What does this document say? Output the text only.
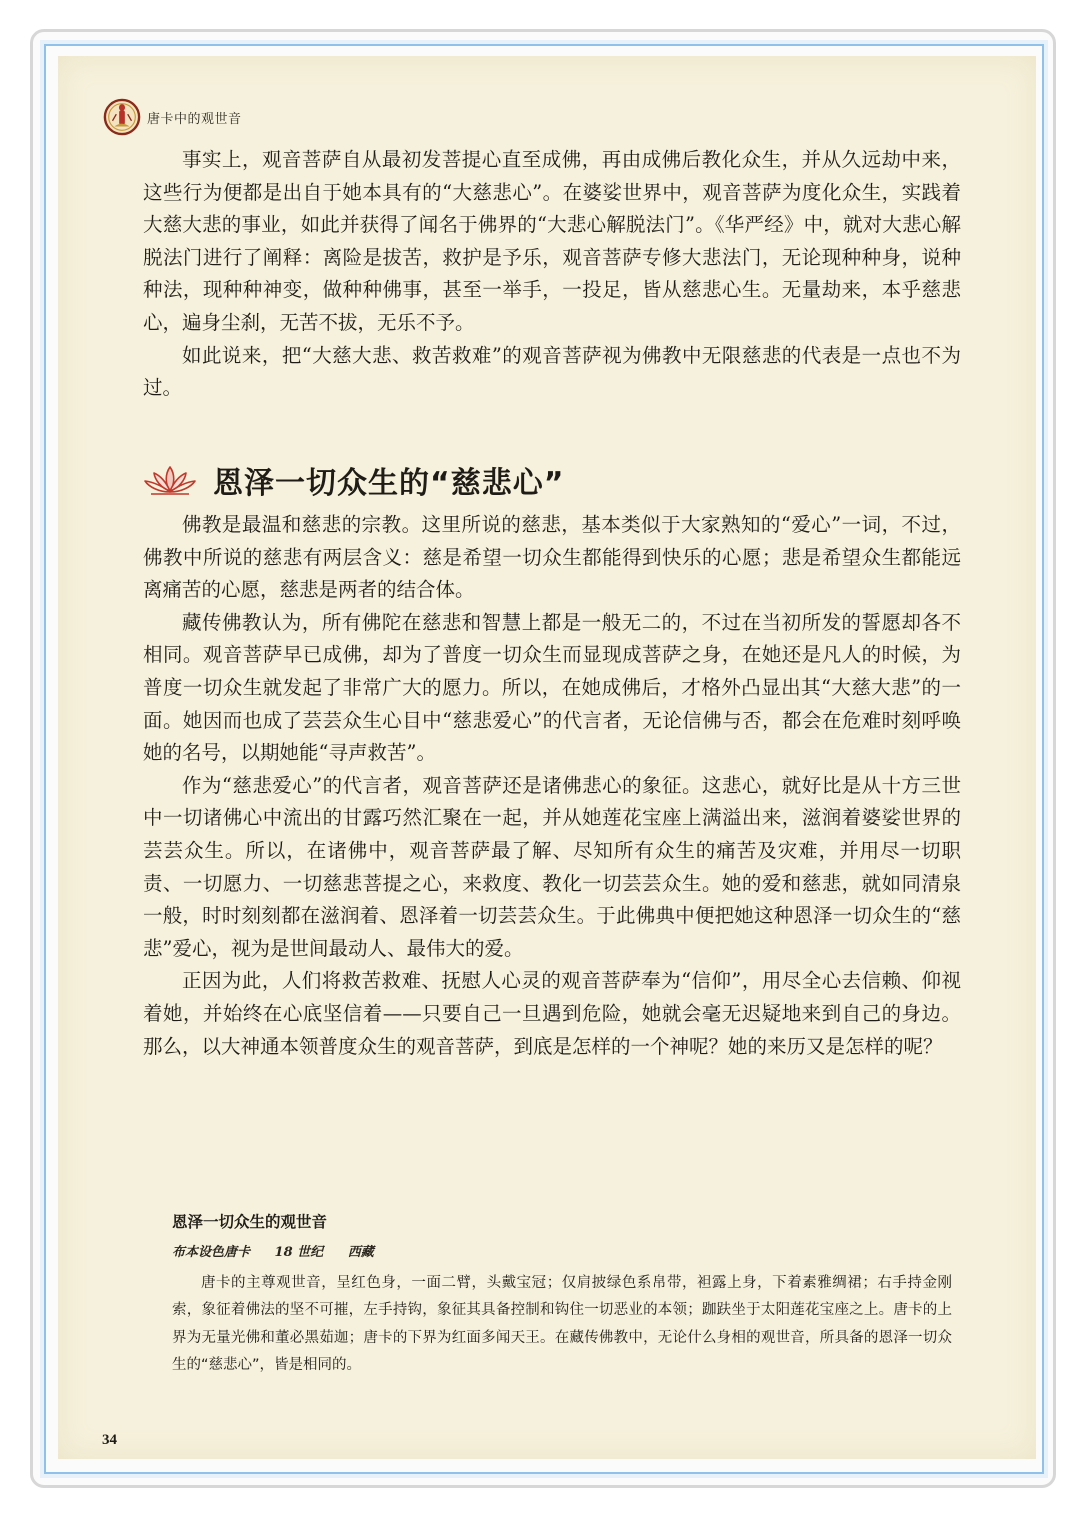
唐卡中的观世音

事实上，观音菩萨自从最初发菩提心直至成佛，再由成佛后教化众生，并从久远劫中来，这些行为便都是出自于她本具有的“大慈悲心”。在婆娑世界中，观音菩萨为度化众生，实践着大慈大悲的事业，如此并获得了闻名于佛界的“大悲心解脱法门”。《华严经》中，就对大悲心解脱法门进行了阐释：离险是拔苦，救护是予乐，观音菩萨专修大悲法门，无论现种种身，说种种法，现种种神变，做种种佛事，甚至一举手，一投足，皆从慈悲心生。无量劫来，本乎慈悲心，遍身尘刹，无苦不拔，无乐不予。

如此说来，把“大慈大悲、救苦救难”的观音菩萨视为佛教中无限慈悲的代表是一点也不为过。

恩泽一切众生的“慈悲心”

佛教是最温和慈悲的宗教。这里所说的慈悲，基本类似于大家熟知的“爱心”一词，不过，佛教中所说的慈悲有两层含义：慈是希望一切众生都能得到快乐的心愿；悲是希望众生都能远离痛苦的心愿，慈悲是两者的结合体。

藏传佛教认为，所有佛陀在慈悲和智慧上都是一般无二的，不过在当初所发的誓愿却各不相同。观音菩萨早已成佛，却为了普度一切众生而显现成菩萨之身，在她还是凡人的时候，为普度一切众生就发起了非常广大的愿力。所以，在她成佛后，才格外凸显出其“大慈大悲”的一面。她因而也成了芸芸众生心目中“慈悲爱心”的代言者，无论信佛与否，都会在危难时刻呼唤她的名号，以期她能“寻声救苦”。

作为“慈悲爱心”的代言者，观音菩萨还是诸佛悲心的象征。这悲心，就好比是从十方三世中一切诸佛心中流出的甘露巧然汇聚在一起，并从她莲花宝座上满溢出来，滋润着婆娑世界的芸芸众生。所以，在诸佛中，观音菩萨最了解、尽知所有众生的痛苦及灾难，并用尽一切职责、一切愿力、一切慈悲菩提之心，来救度、教化一切芸芸众生。她的爱和慈悲，就如同清泉一般，时时刻刻都在滋润着、恩泽着一切芸芸众生。于此佛典中便把她这种恩泽一切众生的“慈悲”爱心，视为是世间最动人、最伟大的爱。

正因为此，人们将救苦救难、抚慰人心灵的观音菩萨奉为“信仰”，用尽全心去信赖、仰视着她，并始终在心底坚信着——只要自己一旦遇到危险，她就会毫无迟疑地来到自己的身边。那么，以大神通本领普度众生的观音菩萨，到底是怎样的一个神呢？她的来历又是怎样的呢？

恩泽一切众生的观世音
布本设色唐卡 18 世纪 西藏
唐卡的主尊观世音，呈红色身，一面二臂，头戴宝冠；仅肩披绿色系帛带，袒露上身，下着素雅绸裙；右手持金刚索，象征着佛法的坚不可摧，左手持钩，象征其具备控制和钩住一切恶业的本领；跏趺坐于太阳莲花宝座之上。唐卡的上界为无量光佛和董必黑茹迦；唐卡的下界为红面多闻天王。在藏传佛教中，无论什么身相的观世音，所具备的恩泽一切众生的“慈悲心”，皆是相同的。
34
